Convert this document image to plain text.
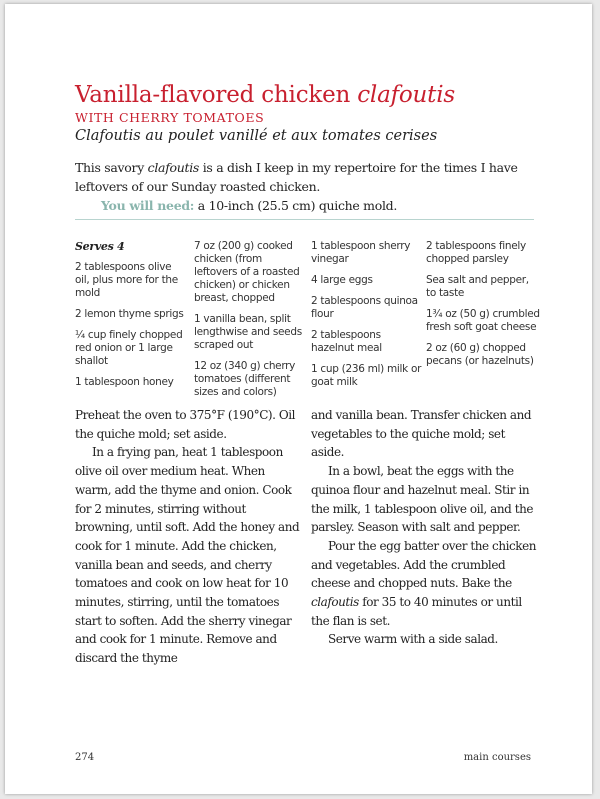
Vanilla-flavored chicken clafoutis
WITH CHERRY TOMATOES
Clafoutis au poulet vanillé et aux tomates cerises

This savory clafoutis is a dish I keep in my repertoire for the times I have leftovers of our Sunday roasted chicken.

You will need: a 10-inch (25.5 cm) quiche mold.

Serves 4

2 tablespoons olive oil, plus more for the mold

2 lemon thyme sprigs

¼ cup finely chopped red onion or 1 large shallot

1 tablespoon honey

7 oz (200 g) cooked chicken (from leftovers of a roasted chicken) or chicken breast, chopped

1 vanilla bean, split lengthwise and seeds scraped out

12 oz (340 g) cherry tomatoes (different sizes and colors)

1 tablespoon sherry vinegar

4 large eggs

2 tablespoons quinoa flour

2 tablespoons hazelnut meal

1 cup (236 ml) milk or goat milk

2 tablespoons finely chopped parsley

Sea salt and pepper, to taste

1¾ oz (50 g) crumbled fresh soft goat cheese

2 oz (60 g) chopped pecans (or hazelnuts)

Preheat the oven to 375°F (190°C). Oil the quiche mold; set aside.

In a frying pan, heat 1 tablespoon olive oil over medium heat. When warm, add the thyme and onion. Cook for 2 minutes, stirring without browning, until soft. Add the honey and cook for 1 minute. Add the chicken, vanilla bean and seeds, and cherry tomatoes and cook on low heat for 10 minutes, stirring, until the tomatoes start to soften. Add the sherry vinegar and cook for 1 minute. Remove and discard the thyme

and vanilla bean. Transfer chicken and vegetables to the quiche mold; set aside.

In a bowl, beat the eggs with the quinoa flour and hazelnut meal. Stir in the milk, 1 tablespoon olive oil, and the parsley. Season with salt and pepper.

Pour the egg batter over the chicken and vegetables. Add the crumbled cheese and chopped nuts. Bake the clafoutis for 35 to 40 minutes or until the flan is set.

Serve warm with a side salad.

274	main courses
